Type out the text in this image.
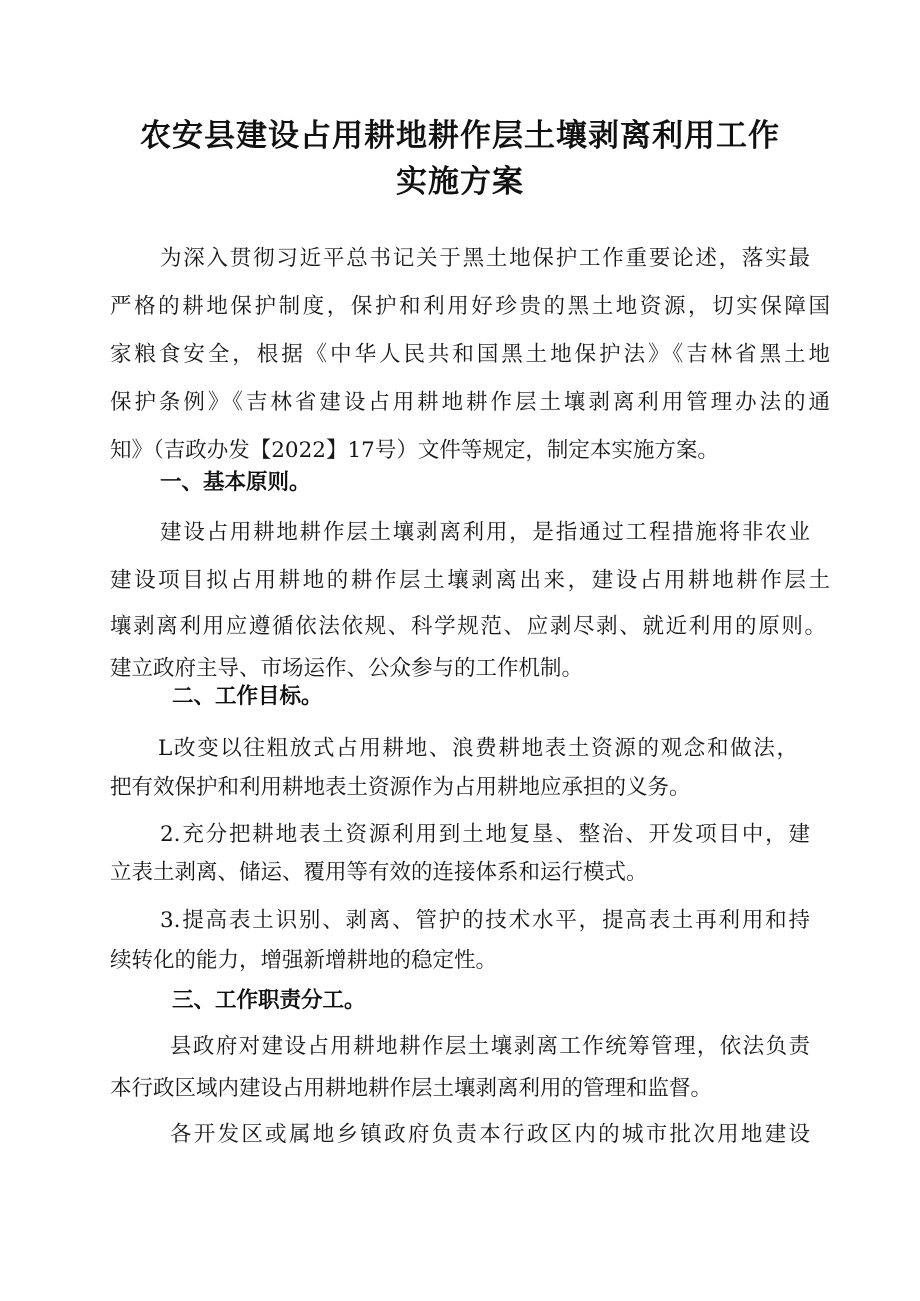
农安县建设占用耕地耕作层土壤剥离利用工作
实施方案

为深入贯彻习近平总书记关于黑土地保护工作重要论述，落实最

严格的耕地保护制度，保护和利用好珍贵的黑土地资源，切实保障国

家粮食安全，根据《中华人民共和国黑土地保护法》《吉林省黑土地

保护条例》《吉林省建设占用耕地耕作层土壤剥离利用管理办法的通

知》（吉政办发【2022】17号）文件等规定，制定本实施方案。

一、基本原则。

建设占用耕地耕作层土壤剥离利用，是指通过工程措施将非农业

建设项目拟占用耕地的耕作层土壤剥离出来，建设占用耕地耕作层土

壤剥离利用应遵循依法依规、科学规范、应剥尽剥、就近利用的原则。

建立政府主导、市场运作、公众参与的工作机制。

二、工作目标。

L改变以往粗放式占用耕地、浪费耕地表土资源的观念和做法，

把有效保护和利用耕地表土资源作为占用耕地应承担的义务。

2.充分把耕地表土资源利用到土地复垦、整治、开发项目中，建

立表土剥离、储运、覆用等有效的连接体系和运行模式。

3.提高表土识别、剥离、管护的技术水平，提高表土再利用和持

续转化的能力，增强新增耕地的稳定性。

三、工作职责分工。

县政府对建设占用耕地耕作层土壤剥离工作统筹管理，依法负责

本行政区域内建设占用耕地耕作层土壤剥离利用的管理和监督。

各开发区或属地乡镇政府负责本行政区内的城市批次用地建设
